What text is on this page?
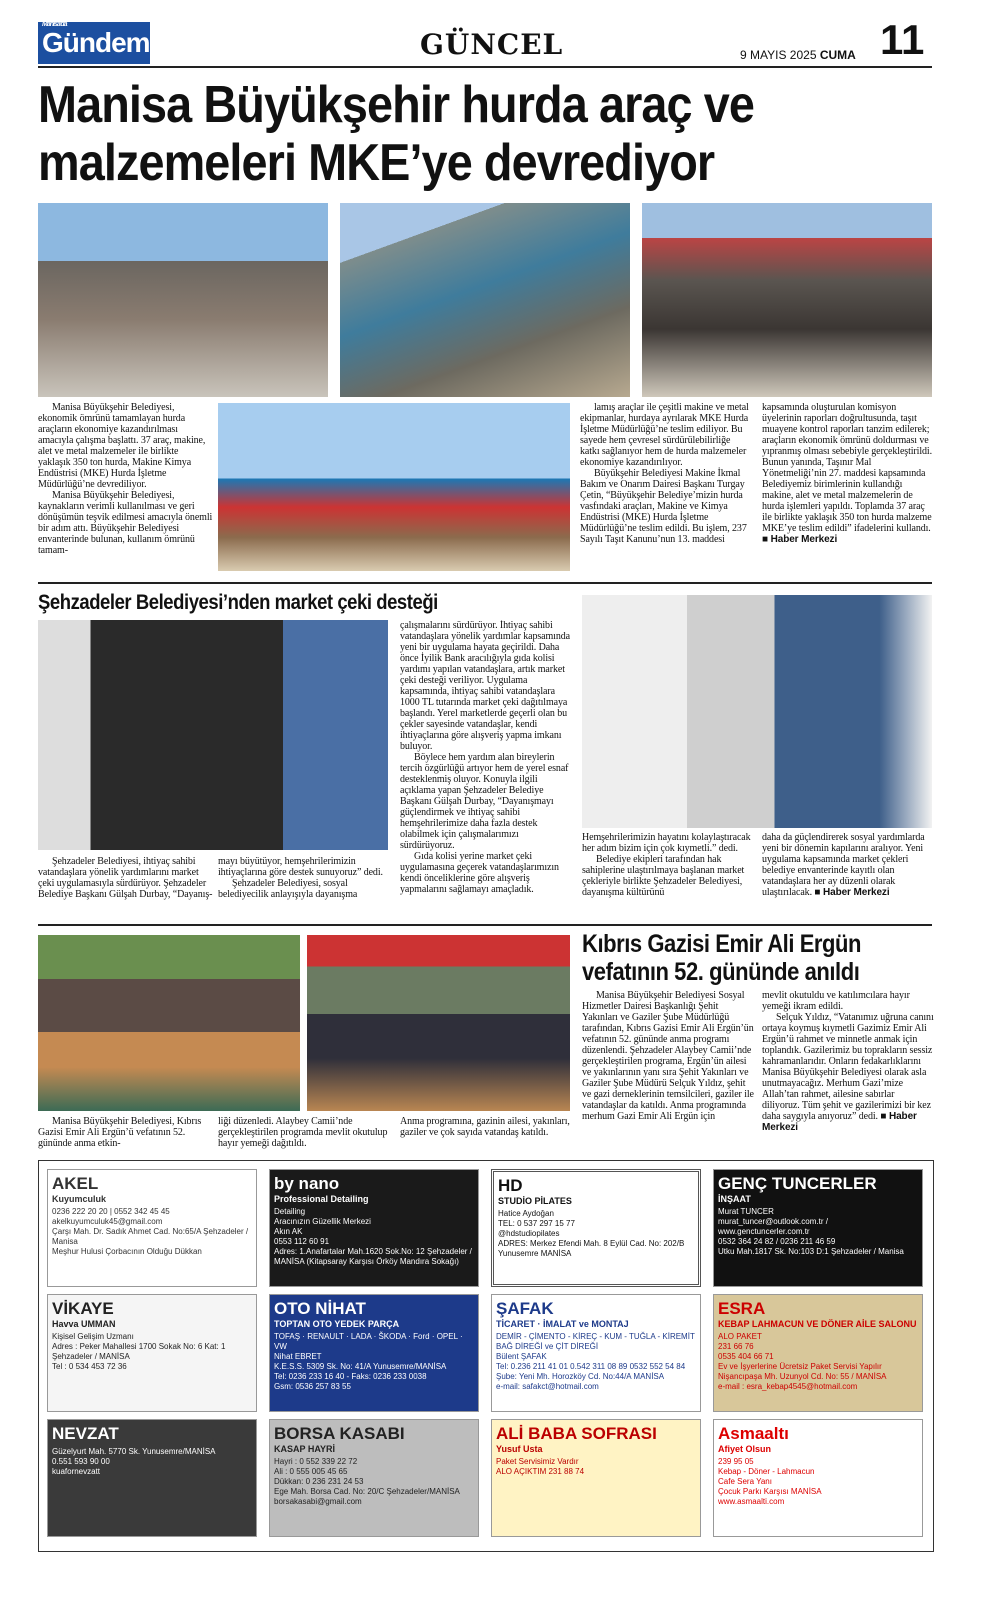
Manisa'da
Gündem	GÜNCEL	9 MAYIS 2025 CUMA 11
Manisa Büyükşehir hurda araç ve malzemeleri MKE’ye devrediyor

Manisa Büyükşehir Belediyesi, ekonomik ömrünü tamamlayan hurda araçların ekonomiye kazandırılması amacıyla çalışma başlattı. 37 araç, makine, alet ve metal malzemeler ile birlikte yaklaşık 350 ton hurda, Makine Kimya Endüstrisi (MKE) Hurda İşletme Müdürlüğü’ne devrediliyor.

Manisa Büyükşehir Belediyesi, kaynakların verimli kullanılması ve geri dönüşümün teşvik edilmesi amacıyla önemli bir adım attı. Büyükşehir Belediyesi envanterinde bulunan, kullanım ömrünü tamam-

lamış araçlar ile çeşitli makine ve metal ekipmanlar, hurdaya ayrılarak MKE Hurda İşletme Müdürlüğü’ne teslim ediliyor. Bu sayede hem çevresel sürdürülebilirliğe katkı sağlanıyor hem de hurda malzemeler ekonomiye kazandırılıyor.

Büyükşehir Belediyesi Makine İkmal Bakım ve Onarım Dairesi Başkanı Turgay Çetin, “Büyükşehir Belediye’mizin hurda vasfındaki araçları, Makine ve Kimya Endüstrisi (MKE) Hurda İşletme Müdürlüğü’ne teslim edildi. Bu işlem, 237 Sayılı Taşıt Kanunu’nun 13. maddesi

kapsamında oluşturulan komisyon üyelerinin raporları doğrultusunda, taşıt muayene kontrol raporları tanzim edilerek; araçların ekonomik ömrünü doldurması ve yıpranmış olması sebebiyle gerçekleştirildi. Bunun yanında, Taşınır Mal Yönetmeliği’nin 27. maddesi kapsamında Belediyemiz birimlerinin kullandığı makine, alet ve metal malzemelerin de hurda işlemleri yapıldı. Toplamda 37 araç ile birlikte yaklaşık 350 ton hurda malzeme MKE’ye teslim edildi” ifadelerini kullandı. ■ Haber Merkezi
Şehzadeler Belediyesi’nden market çeki desteği

Şehzadeler Belediyesi, ihtiyaç sahibi vatandaşlara yönelik yardımlarını market çeki uygulamasıyla sürdürüyor. Şehzadeler Belediye Başkanı Gülşah Durbay, “Dayanış-

mayı büyütüyor, hemşehrilerimizin ihtiyaçlarına göre destek sunuyoruz” dedi.

Şehzadeler Belediyesi, sosyal belediyecilik anlayışıyla dayanışma

çalışmalarını sürdürüyor. İhtiyaç sahibi vatandaşlara yönelik yardımlar kapsamında yeni bir uygulama hayata geçirildi. Daha önce İyilik Bank aracılığıyla gıda kolisi yardımı yapılan vatandaşlara, artık market çeki desteği veriliyor. Uygulama kapsamında, ihtiyaç sahibi vatandaşlara 1000 TL tutarında market çeki dağıtılmaya başlandı. Yerel marketlerde geçerli olan bu çekler sayesinde vatandaşlar, kendi ihtiyaçlarına göre alışveriş yapma imkanı buluyor.

Böylece hem yardım alan bireylerin tercih özgürlüğü artıyor hem de yerel esnaf desteklenmiş oluyor. Konuyla ilgili açıklama yapan Şehzadeler Belediye Başkanı Gülşah Durbay, “Dayanışmayı güçlendirmek ve ihtiyaç sahibi hemşehrilerimize daha fazla destek olabilmek için çalışmalarımızı sürdürüyoruz.

Gıda kolisi yerine market çeki uygulamasına geçerek vatandaşlarımızın kendi önceliklerine göre alışveriş yapmalarını sağlamayı amaçladık.

Hemşehrilerimizin hayatını kolaylaştıracak her adım bizim için çok kıymetli.” dedi.

Belediye ekipleri tarafından hak sahiplerine ulaştırılmaya başlanan market çekleriyle birlikte Şehzadeler Belediyesi, dayanışma kültürünü

daha da güçlendirerek sosyal yardımlarda yeni bir dönemin kapılarını aralıyor. Yeni uygulama kapsamında market çekleri belediye envanterinde kayıtlı olan vatandaşlara her ay düzenli olarak ulaştırılacak. ■ Haber Merkezi
Kıbrıs Gazisi Emir Ali Ergün vefatının 52. gününde anıldı

Manisa Büyükşehir Belediyesi, Kıbrıs Gazisi Emir Ali Ergün’ü vefatının 52. gününde anma etkin-

liği düzenledi. Alaybey Camii’nde gerçekleştirilen programda mevlit okutulup hayır yemeği dağıtıldı.
Anma programına, gazinin ailesi, yakınları, gaziler ve çok sayıda vatandaş katıldı.

Manisa Büyükşehir Belediyesi Sosyal Hizmetler Dairesi Başkanlığı Şehit Yakınları ve Gaziler Şube Müdürlüğü tarafından, Kıbrıs Gazisi Emir Ali Ergün’ün vefatının 52. gününde anma programı düzenlendi. Şehzadeler Alaybey Camii’nde gerçekleştirilen programa, Ergün’ün ailesi ve yakınlarının yanı sıra Şehit Yakınları ve Gaziler Şube Müdürü Selçuk Yıldız, şehit ve gazi derneklerinin temsilcileri, gaziler ile vatandaşlar da katıldı. Anma programında merhum Gazi Emir Ali Ergün için

mevlit okutuldu ve katılımcılara hayır yemeği ikram edildi.

Selçuk Yıldız, “Vatanımız uğruna canını ortaya koymuş kıymetli Gazimiz Emir Ali Ergün’ü rahmet ve minnetle anmak için toplandık. Gazilerimiz bu toprakların sessiz kahramanlarıdır. Onların fedakarlıklarını Manisa Büyükşehir Belediyesi olarak asla unutmayacağız. Merhum Gazi’mize Allah’tan rahmet, ailesine sabırlar diliyoruz. Tüm şehit ve gazilerimizi bir kez daha saygıyla anıyoruz” dedi. ■ Haber Merkezi

AKEL
Kuyumculuk
0236 222 20 20 | 0552 342 45 45
akelkuyumculuk45@gmail.com
Çarşı Mah. Dr. Sadık Ahmet Cad. No:65/A Şehzadeler / Manisa
Meşhur Hulusi Çorbacının Olduğu Dükkan
by nano
Professional Detailing
Detailing
Aracınızın Güzellik Merkezi
Akın AK
0553 112 60 91
Adres: 1.Anafartalar Mah.1620 Sok.No: 12 Şehzadeler / MANİSA (Kitapsaray Karşısı Örköy Mandıra Sokağı)
HD
STUDİO PİLATES
Hatice Aydoğan
TEL: 0 537 297 15 77
@hdstudiopilates
ADRES: Merkez Efendi Mah. 8 Eylül Cad. No: 202/B Yunusemre MANİSA
GENÇ TUNCERLER
İNŞAAT
Murat TUNCER
murat_tuncer@outlook.com.tr / www.genctuncerler.com.tr
0532 364 24 82 / 0236 211 46 59
Utku Mah.1817 Sk. No:103 D:1 Şehzadeler / Manisa
VİKAYE
Havva UMMAN
Kişisel Gelişim Uzmanı
Adres : Peker Mahallesi 1700 Sokak No: 6 Kat: 1 Şehzadeler / MANİSA
Tel : 0 534 453 72 36
OTO NİHAT
TOPTAN OTO YEDEK PARÇA
TOFAŞ · RENAULT · LADA · ŠKODA · Ford · OPEL · VW
Nihat EBRET
K.E.S.S. 5309 Sk. No: 41/A Yunusemre/MANİSA
Tel: 0236 233 16 40 - Faks: 0236 233 0038
Gsm: 0536 257 83 55
ŞAFAK
TİCARET · İMALAT ve MONTAJ
DEMİR - ÇİMENTO - KİREÇ - KUM - TUĞLA - KİREMİT
BAĞ DİREĞİ ve ÇİT DİREĞİ
Bülent ŞAFAK
Tel: 0.236 211 41 01 0.542 311 08 89 0532 552 54 84
Şube: Yeni Mh. Horozköy Cd. No:44/A MANİSA
e-mail: safakct@hotmail.com
ESRA
KEBAP LAHMACUN VE DÖNER AİLE SALONU
ALO PAKET
231 66 76
0535 404 66 71
Ev ve İşyerlerine Ücretsiz Paket Servisi Yapılır
Nişancıpaşa Mh. Uzunyol Cd. No: 55 / MANİSA
e-mail : esra_kebap4545@hotmail.com
NEVZAT
Güzelyurt Mah. 5770 Sk. Yunusemre/MANİSA
0.551 593 90 00
kuafornevzatt
BORSA KASABI
KASAP HAYRİ
Hayri : 0 552 339 22 72
Ali : 0 555 005 45 65
Dükkan: 0 236 231 24 53
Ege Mah. Borsa Cad. No: 20/C Şehzadeler/MANİSA
borsakasabi@gmail.com
ALİ BABA SOFRASI
Yusuf Usta
Paket Servisimiz Vardır
ALO AÇIKTIM 231 88 74
Asmaaltı
Afiyet Olsun
239 95 05
Kebap - Döner - Lahmacun
Cafe Sera Yanı
Çocuk Parkı Karşısı MANİSA
www.asmaalti.com
